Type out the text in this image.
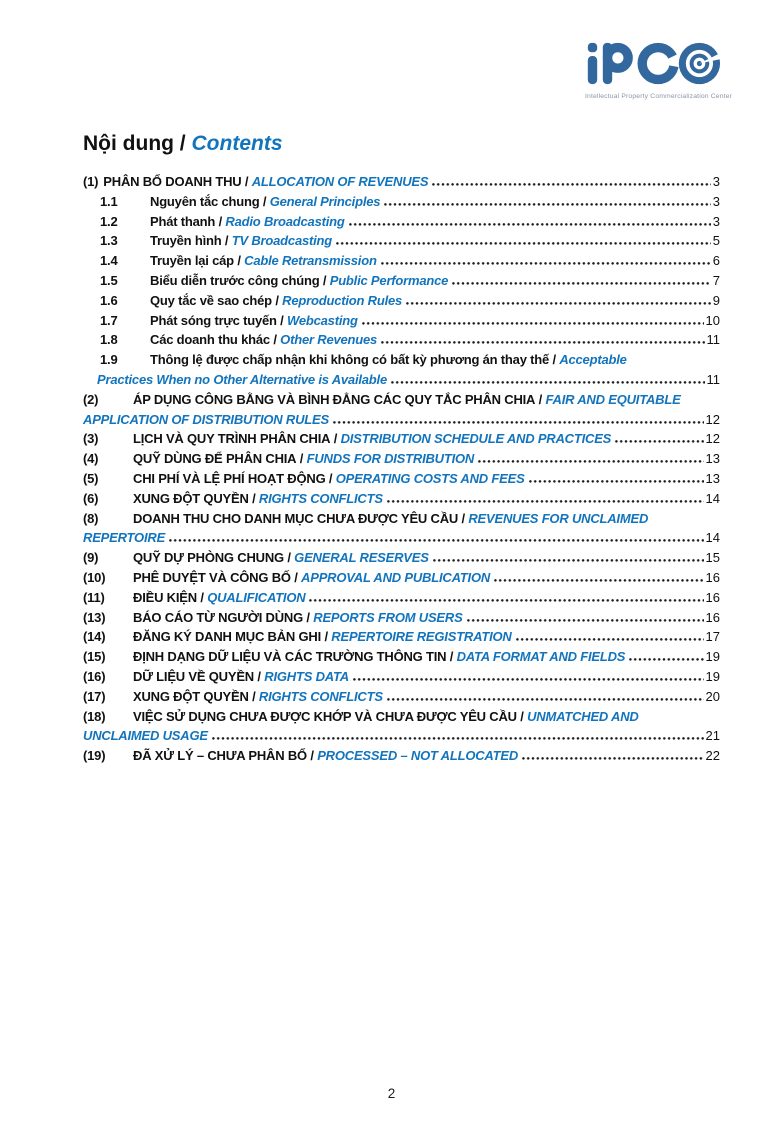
Intellectual Property Commercialization Center
Nội dung / Contents
(1) PHÂN BỔ DOANH THU / ALLOCATION OF REVENUES	3
1.1	Nguyên tắc chung / General Principles	3
1.2	Phát thanh / Radio Broadcasting	3
1.3	Truyền hình / TV Broadcasting	5
1.4	Truyền lại cáp / Cable Retransmission	6
1.5	Biểu diễn trước công chúng / Public Performance	7
1.6	Quy tắc về sao chép / Reproduction Rules	9
1.7	Phát sóng trực tuyến / Webcasting	10
1.8	Các doanh thu khác / Other Revenues	11
1.9	Thông lệ được chấp nhận khi không có bất kỳ phương án thay thế / Acceptable
Practices When no Other Alternative is Available	11
(2)	ÁP DỤNG CÔNG BẰNG VÀ BÌNH ĐẲNG CÁC QUY TẮC PHÂN CHIA / FAIR AND EQUITABLE
APPLICATION OF DISTRIBUTION RULES	12
(3)	LỊCH VÀ QUY TRÌNH PHÂN CHIA / DISTRIBUTION SCHEDULE AND PRACTICES	12
(4)	QUỸ DÙNG ĐỂ PHÂN CHIA / FUNDS FOR DISTRIBUTION	13
(5)	CHI PHÍ VÀ LỆ PHÍ HOẠT ĐỘNG / OPERATING COSTS AND FEES	13
(6)	XUNG ĐỘT QUYỀN / RIGHTS CONFLICTS	14
(8)	DOANH THU CHO DANH MỤC CHƯA ĐƯỢC YÊU CẦU / REVENUES FOR UNCLAIMED
REPERTOIRE	14
(9)	QUỸ DỰ PHÒNG CHUNG / GENERAL RESERVES	15
(10)	PHÊ DUYỆT VÀ CÔNG BỐ / APPROVAL AND PUBLICATION	16
(11)	ĐIỀU KIỆN / QUALIFICATION	16
(13)	BÁO CÁO TỪ NGƯỜI DÙNG / REPORTS FROM USERS	16
(14)	ĐĂNG KÝ DANH MỤC BẢN GHI / REPERTOIRE REGISTRATION	17
(15)	ĐỊNH DẠNG DỮ LIỆU VÀ CÁC TRƯỜNG THÔNG TIN / DATA FORMAT AND FIELDS	19
(16)	DỮ LIỆU VỀ QUYỀN / RIGHTS DATA	19
(17)	XUNG ĐỘT QUYỀN / RIGHTS CONFLICTS	20
(18)	VIỆC SỬ DỤNG CHƯA ĐƯỢC KHỚP VÀ CHƯA ĐƯỢC YÊU CẦU / UNMATCHED AND
UNCLAIMED USAGE	21
(19)	ĐÃ XỬ LÝ – CHƯA PHÂN BỔ / PROCESSED – NOT ALLOCATED	22
2
